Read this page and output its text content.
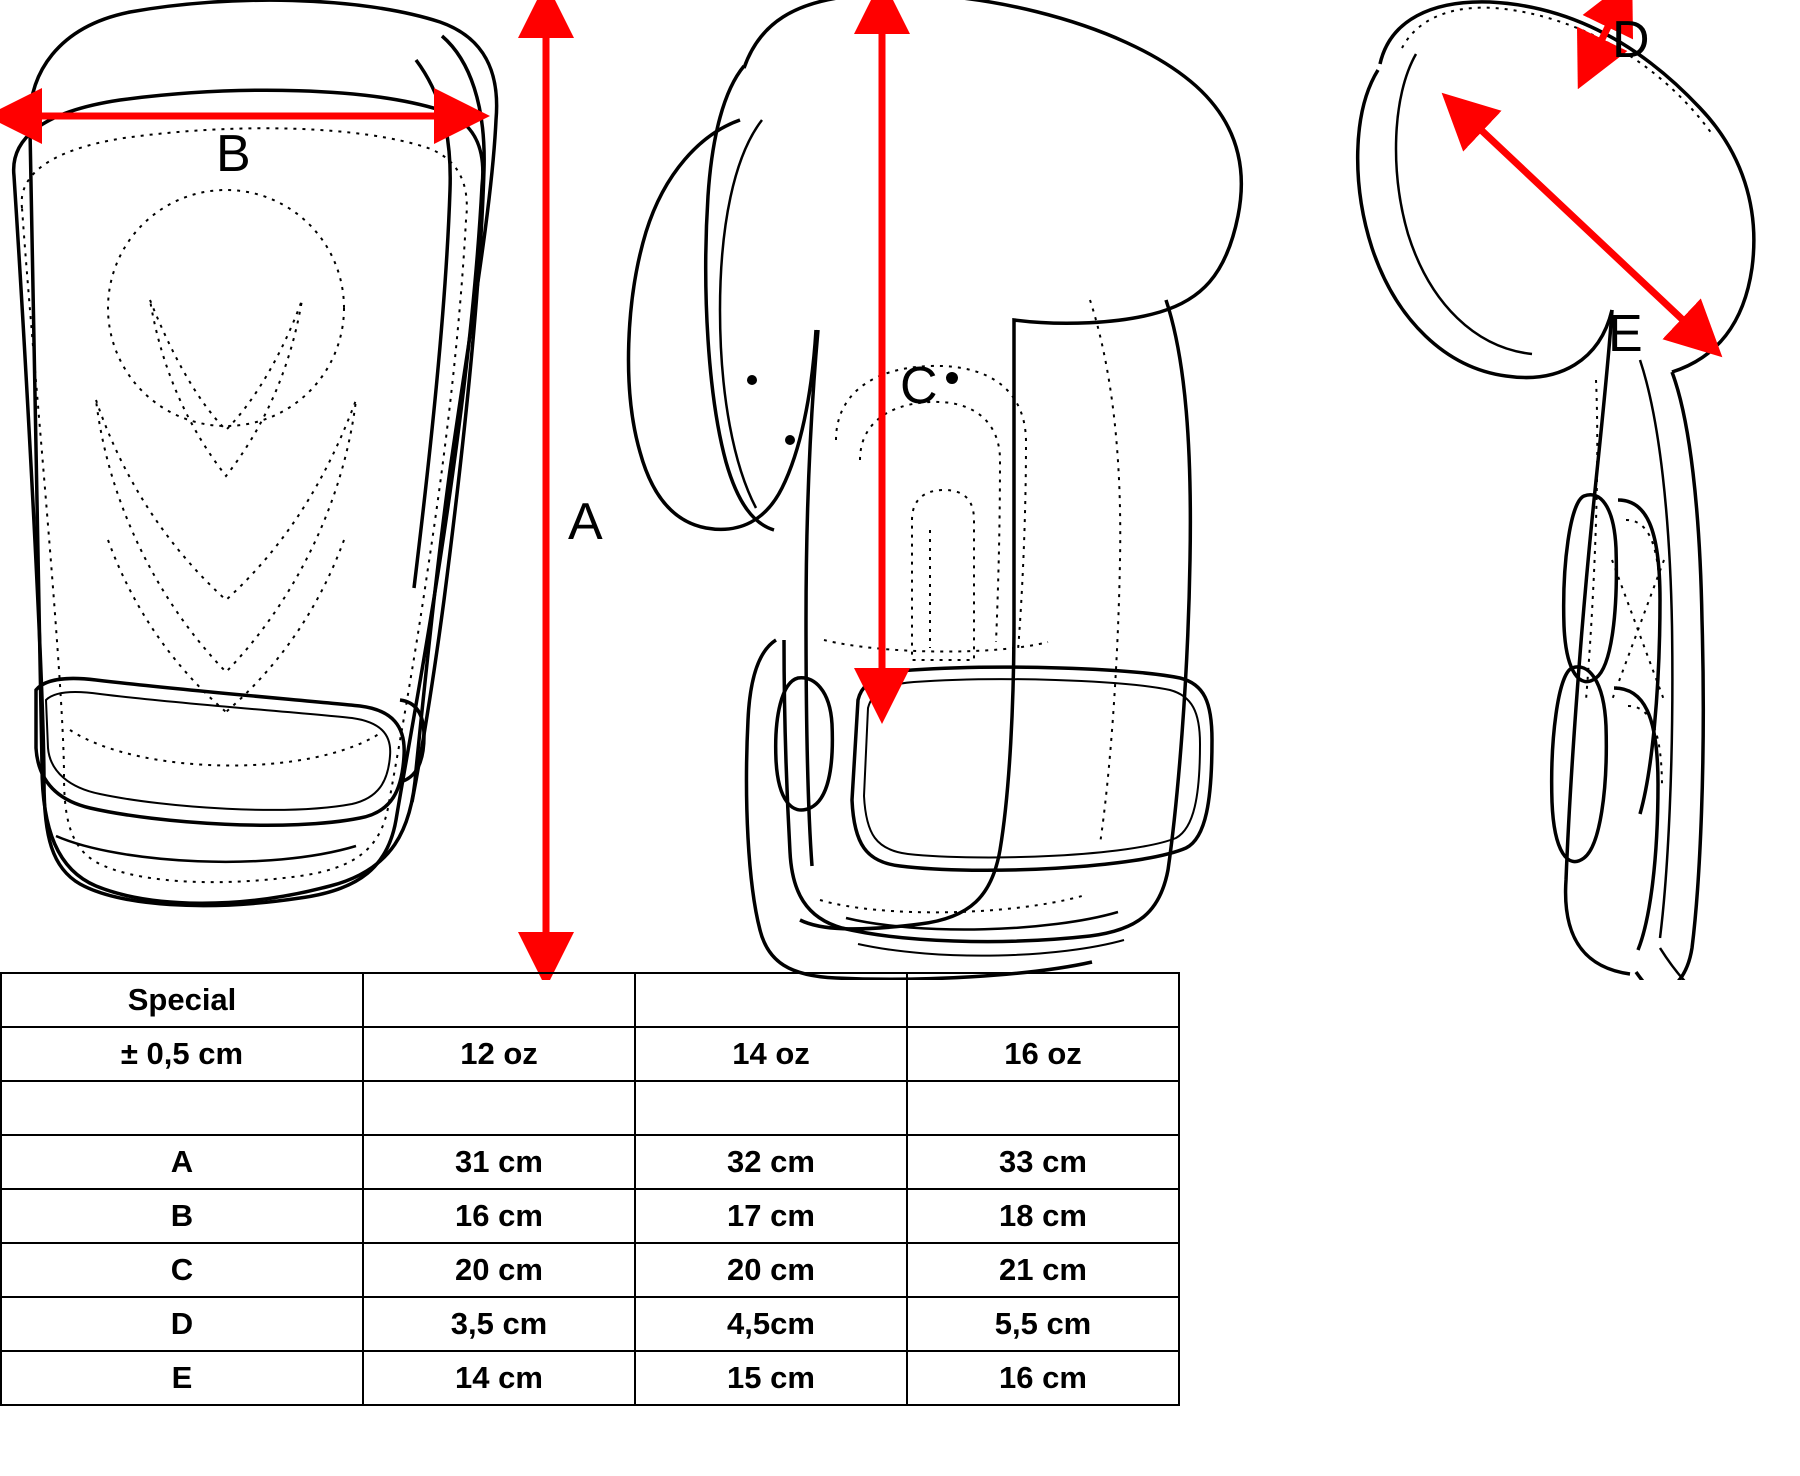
B
A
C
D
E
Special			
± 0,5 cm	12 oz	14 oz	16 oz

A	31 cm	32 cm	33 cm
B	16 cm	17 cm	18 cm
C	20 cm	20 cm	21 cm
D	3,5 cm	4,5cm	5,5 cm
E	14 cm	15 cm	16 cm
